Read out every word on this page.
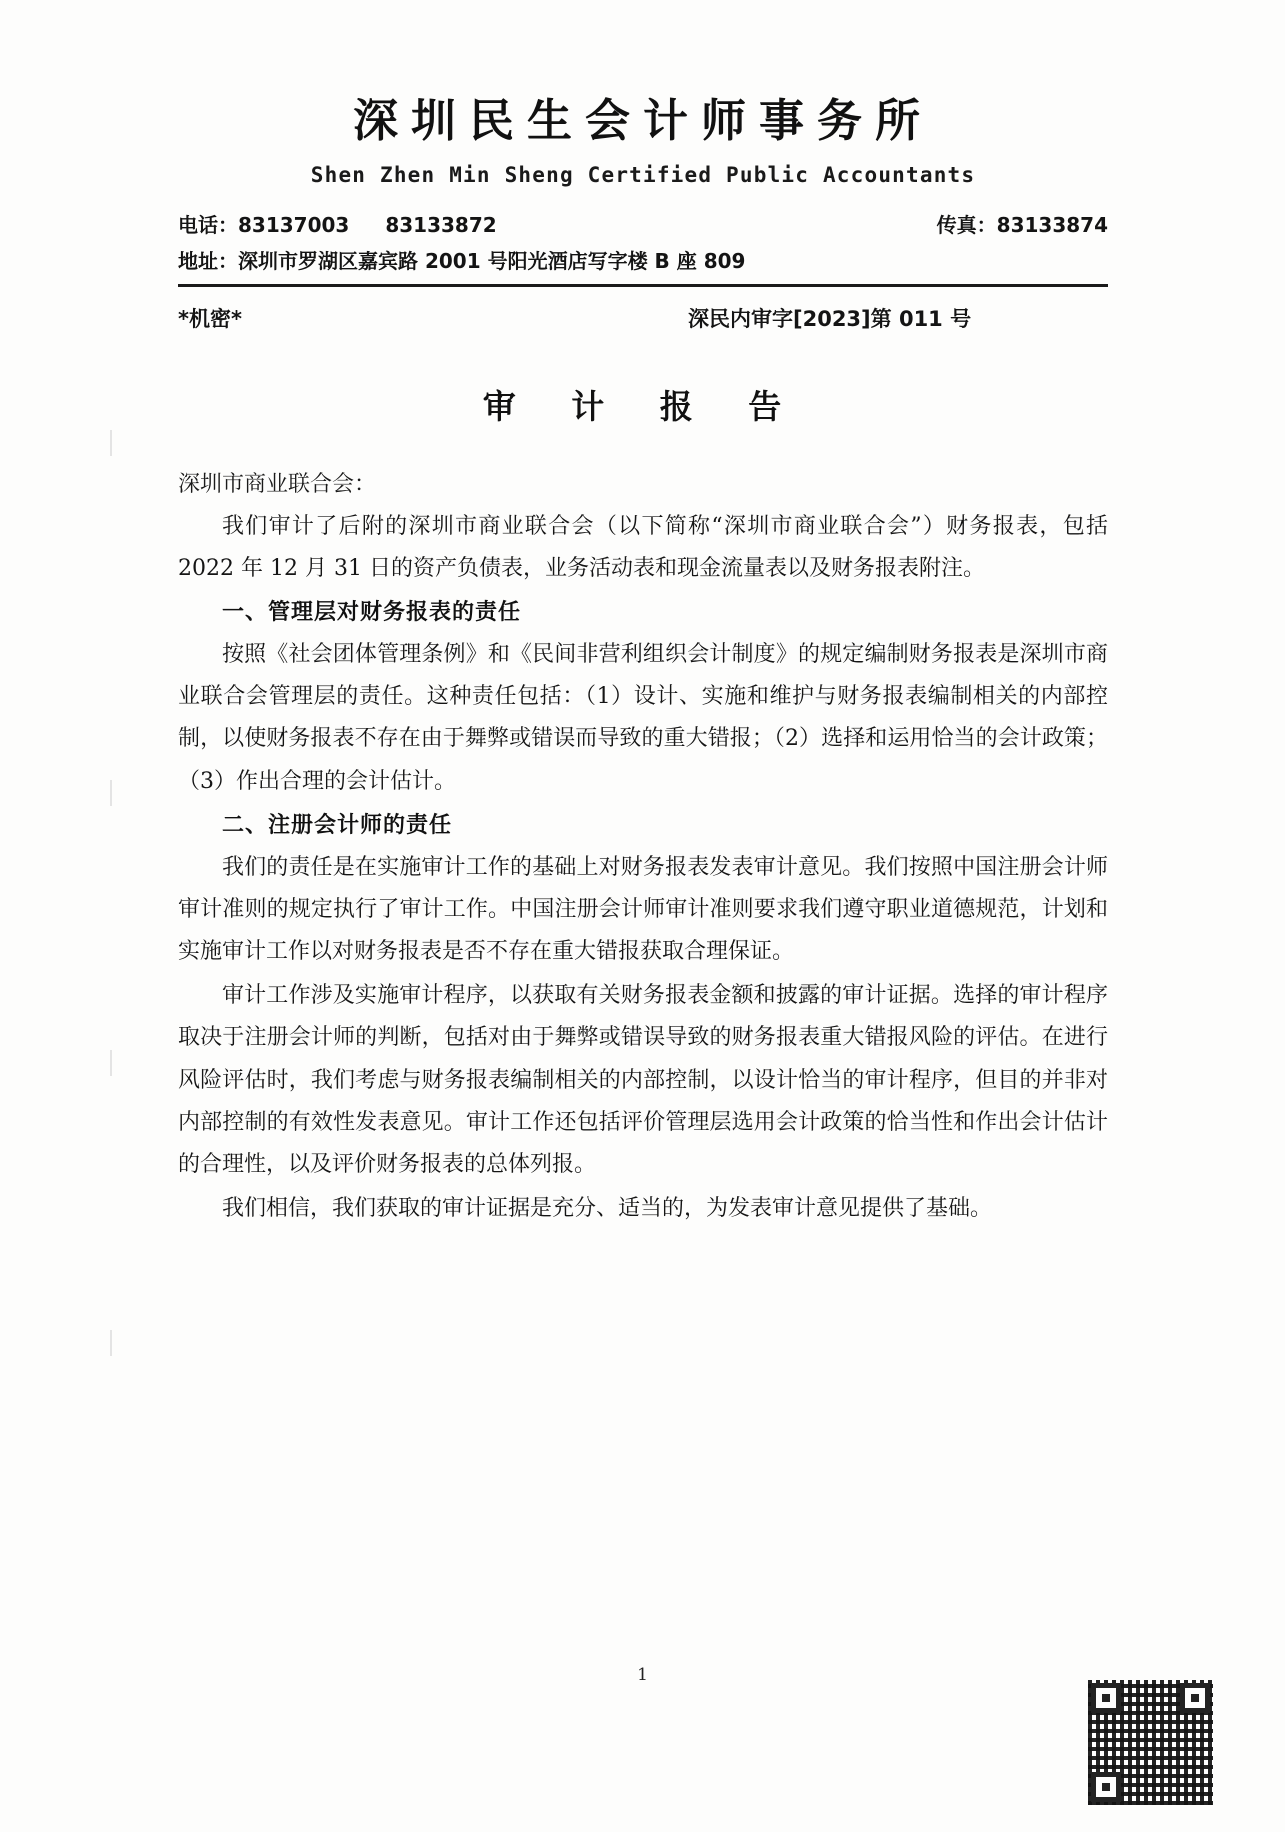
深圳民生会计师事务所
Shen Zhen Min Sheng Certified Public Accountants
电话：83137003 83133872	传真：83133874
地址：深圳市罗湖区嘉宾路 2001 号阳光酒店写字楼 B 座 809
*机密*	深民内审字[2023]第 011 号
审 计 报 告
深圳市商业联合会：

我们审计了后附的深圳市商业联合会（以下简称“深圳市商业联合会”）财务报表，包括 2022 年 12 月 31 日的资产负债表，业务活动表和现金流量表以及财务报表附注。

一、管理层对财务报表的责任

按照《社会团体管理条例》和《民间非营利组织会计制度》的规定编制财务报表是深圳市商业联合会管理层的责任。这种责任包括：（1）设计、实施和维护与财务报表编制相关的内部控制，以使财务报表不存在由于舞弊或错误而导致的重大错报；（2）选择和运用恰当的会计政策；（3）作出合理的会计估计。

二、注册会计师的责任

我们的责任是在实施审计工作的基础上对财务报表发表审计意见。我们按照中国注册会计师审计准则的规定执行了审计工作。中国注册会计师审计准则要求我们遵守职业道德规范，计划和实施审计工作以对财务报表是否不存在重大错报获取合理保证。

审计工作涉及实施审计程序，以获取有关财务报表金额和披露的审计证据。选择的审计程序取决于注册会计师的判断，包括对由于舞弊或错误导致的财务报表重大错报风险的评估。在进行风险评估时，我们考虑与财务报表编制相关的内部控制，以设计恰当的审计程序，但目的并非对内部控制的有效性发表意见。审计工作还包括评价管理层选用会计政策的恰当性和作出会计估计的合理性，以及评价财务报表的总体列报。

我们相信，我们获取的审计证据是充分、适当的，为发表审计意见提供了基础。

1
